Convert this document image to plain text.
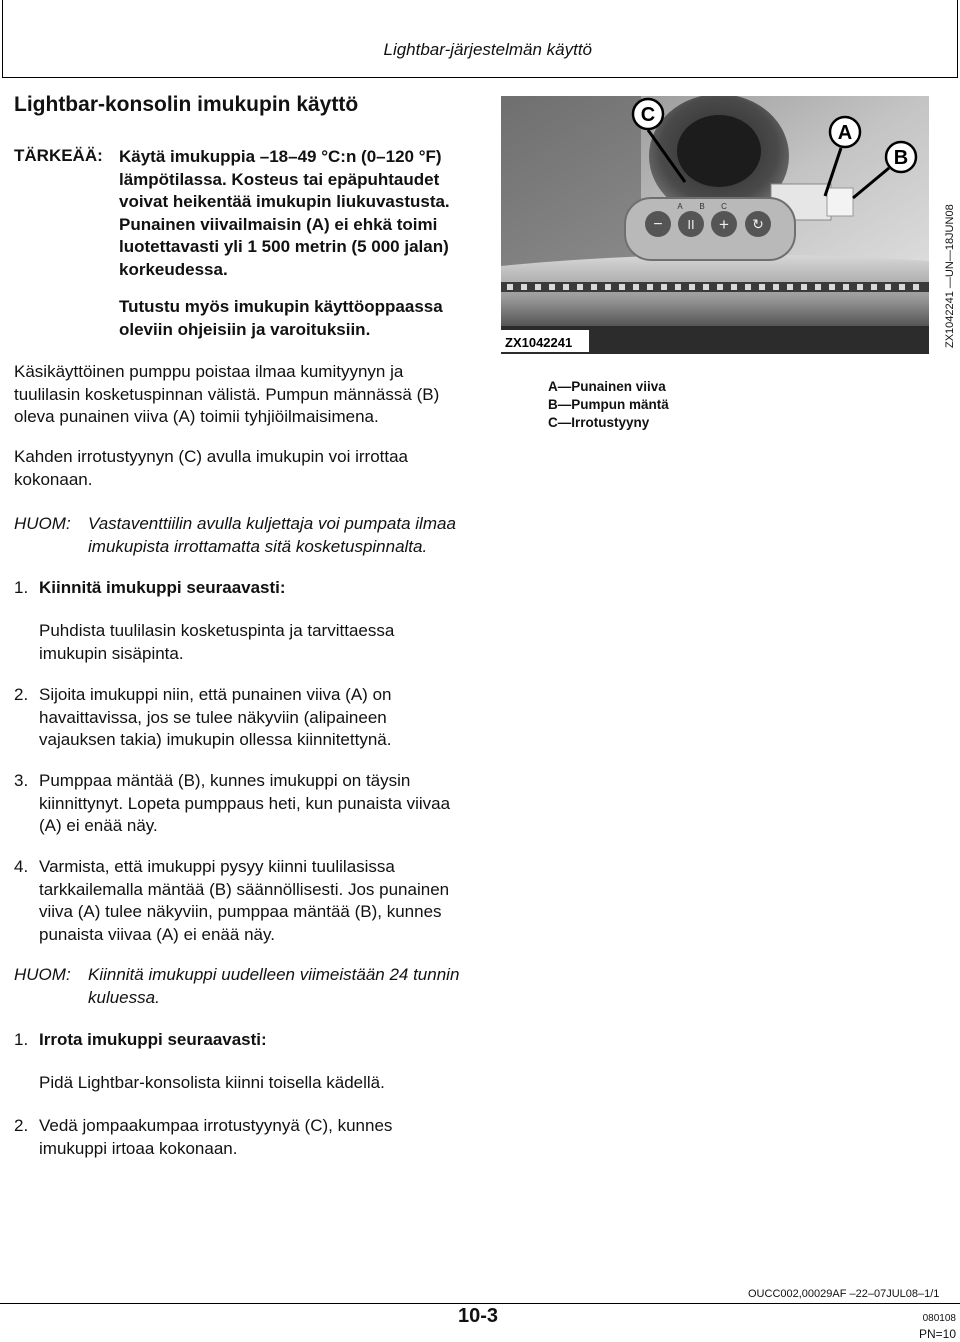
Lightbar-järjestelmän käyttö
Lightbar-konsolin imukupin käyttö
TÄRKEÄÄ: Käytä imukuppia –18–49 °C:n (0–120 °F)
lämpötilassa. Kosteus tai epäpuhtaudet
voivat heikentää imukupin liukuvastusta.
Punainen viivailmaisin (A) ei ehkä toimi
luotettavasti yli 1 500 metrin (5 000 jalan)
korkeudessa.
Tutustu myös imukupin käyttöoppaassa
oleviin ohjeisiin ja varoituksiin.
Käsikäyttöinen pumppu poistaa ilmaa kumityynyn ja
tuulilasin kosketuspinnan välistä. Pumpun männässä (B)
oleva punainen viiva (A) toimii tyhjiöilmaisimena.
Kahden irrotustyynyn (C) avulla imukupin voi irrottaa
kokonaan.
HUOM: Vastaventtiilin avulla kuljettaja voi pumpata ilmaa
imukupista irrottamatta sitä kosketuspinnalta.
1. Kiinnitä imukuppi seuraavasti:
Puhdista tuulilasin kosketuspinta ja tarvittaessa
imukupin sisäpinta.
2. Sijoita imukuppi niin, että punainen viiva (A) on
havaittavissa, jos se tulee näkyviin (alipaineen
vajauksen takia) imukupin ollessa kiinnitettynä.
3. Pumppaa mäntää (B), kunnes imukuppi on täysin
kiinnittynyt. Lopeta pumppaus heti, kun punaista viivaa
(A) ei enää näy.
4. Varmista, että imukuppi pysyy kiinni tuulilasissa
tarkkailemalla mäntää (B) säännöllisesti. Jos punainen
viiva (A) tulee näkyviin, pumppaa mäntää (B), kunnes
punaista viivaa (A) ei enää näy.
HUOM: Kiinnitä imukuppi uudelleen viimeistään 24 tunnin
kuluessa.
1. Irrota imukuppi seuraavasti:
Pidä Lightbar-konsolista kiinni toisella kädellä.
2. Vedä jompaakumpaa irrotustyynyä (C), kunnes
imukuppi irtoaa kokonaan.
− II + ↻
A B C
C
A
B
ZX1042241	ZX1042241 —UN—18JUN08
A—Punainen viiva
B—Pumpun mäntä
C—Irrotustyyny
OUCC002,00029AF –22–07JUL08–1/1
10-3	080108
PN=10
